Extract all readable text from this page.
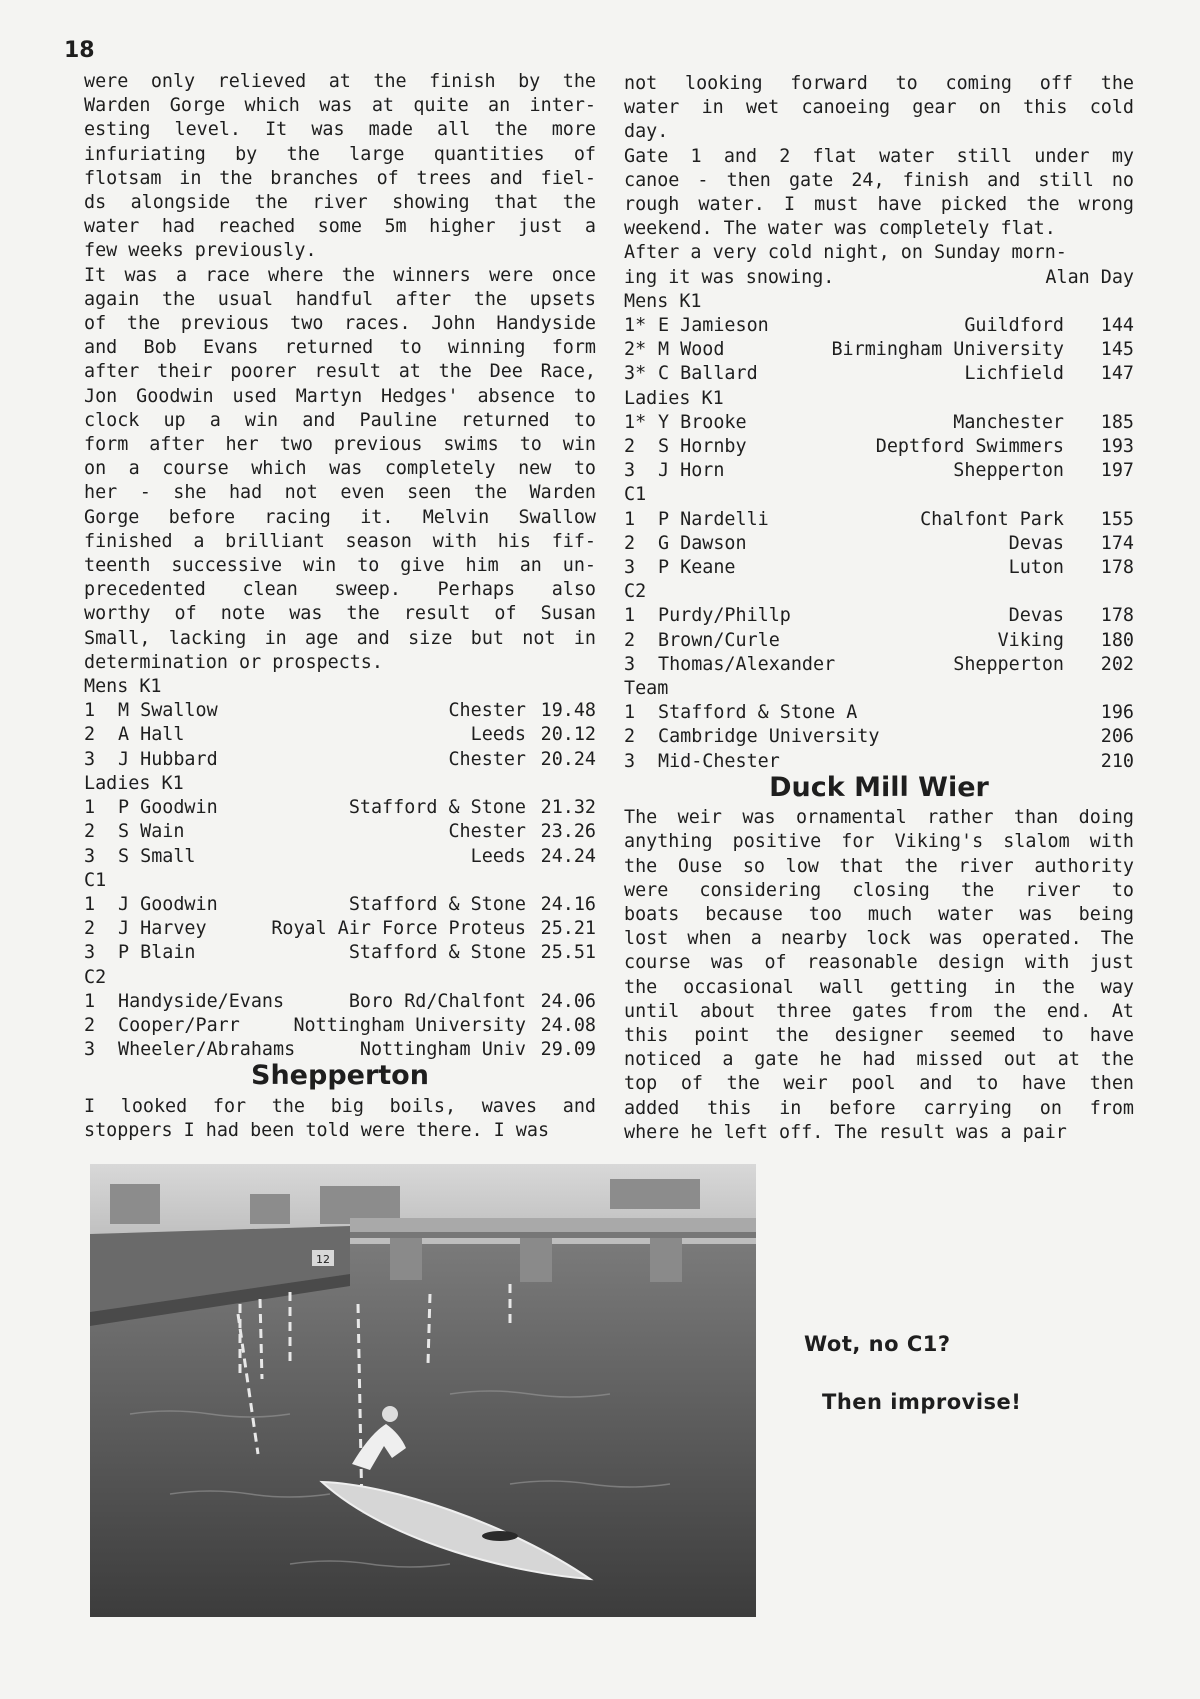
18
were only relieved at the finish by the
Warden Gorge which was at quite an inter-
esting level. It was made all the more
infuriating by the large quantities of
flotsam in the branches of trees and fiel-
ds alongside the river showing that the
water had reached some 5m higher just a
few weeks previously.
It was a race where the winners were once
again the usual handful after the upsets
of the previous two races. John Handyside
and Bob Evans returned to winning form
after their poorer result at the Dee Race,
Jon Goodwin used Martyn Hedges' absence to
clock up a win and Pauline returned to
form after her two previous swims to win
on a course which was completely new to
her - she had not even seen the Warden
Gorge before racing it. Melvin Swallow
finished a brilliant season with his fif-
teenth successive win to give him an un-
precedented clean sweep. Perhaps also
worthy of note was the result of Susan
Small, lacking in age and size but not in
determination or prospects.
Mens K1
1	M Swallow	Chester 19.48
2	A Hall	Leeds 20.12
3	J Hubbard	Chester 20.24
Ladies K1
1	P Goodwin	Stafford & Stone 21.32
2	S Wain	Chester 23.26
3	S Small	Leeds 24.24
C1
1	J Goodwin	Stafford & Stone 24.16
2	J Harvey	Royal Air Force Proteus 25.21
3	P Blain	Stafford & Stone 25.51
C2
1	Handyside/Evans	Boro Rd/Chalfont 24.06
2	Cooper/Parr	Nottingham University 24.08
3	Wheeler/Abrahams	Nottingham Univ 29.09
Shepperton
I looked for the big boils, waves and
stoppers I had been told were there. I was
not looking forward to coming off the
water in wet canoeing gear on this cold
day.
Gate 1 and 2 flat water still under my
canoe - then gate 24, finish and still no
rough water. I must have picked the wrong
weekend. The water was completely flat.
After a very cold night, on Sunday morn-
ing it was snowing.	Alan Day
Mens K1
1* E Jamieson	Guildford	144
2* M Wood	Birmingham University	145
3* C Ballard	Lichfield	147
Ladies K1
1* Y Brooke	Manchester	185
2	S Hornby	Deptford Swimmers	193
3	J Horn	Shepperton	197
C1
1	P Nardelli	Chalfont Park	155
2	G Dawson	Devas	174
3	P Keane	Luton	178
C2
1	Purdy/Phillp	Devas	178
2	Brown/Curle	Viking	180
3	Thomas/Alexander	Shepperton	202
Team
1	Stafford & Stone A	196
2	Cambridge University	206
3	Mid-Chester	210
Duck Mill Wier
The weir was ornamental rather than doing
anything positive for Viking's slalom with
the Ouse so low that the river authority
were considering closing the river to
boats because too much water was being
lost when a nearby lock was operated. The
course was of reasonable design with just
the occasional wall getting in the way
until about three gates from the end. At
this point the designer seemed to have
noticed a gate he had missed out at the
top of the weir pool and to have then
added this in before carrying on from
where he left off. The result was a pair
12
Wot, no C1?
Then improvise!
